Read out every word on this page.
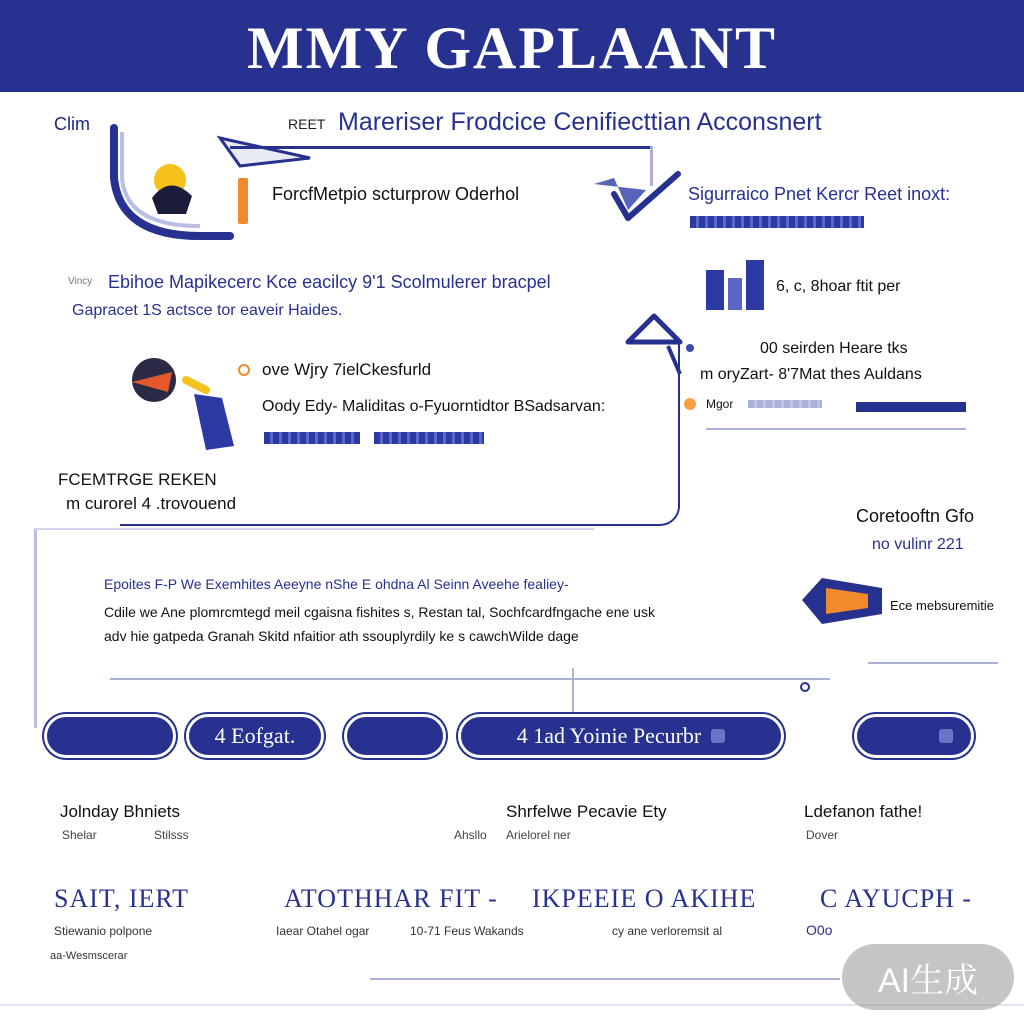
MMY GAPLAANT
Clim	REET Mareriser Frodcice Cenifiecttian Acconsnert
ForcfMetpio scturprow Oderhol	Sigurraico Pnet Kercr Reet inoxt:
Vincy Ebihoe Mapikecerc Kce eacilcy 9'1 Scolmulerer bracpel
Gapracet 1S actsce tor eaveir Haides.
6, c, 8hoar ftit per
00 seirden Heare tks
m oryZart- 8'7Mat thes Auldans
Mgor
ove Wjry 7ielCkesfurld
Oody Edy- Maliditas o-Fyuorntidtor BSadsarvan:
FCEMTRGE REKEN
m curorel 4 .trovouend
Coretooftn Gfo
no vulinr 221
Epoites F-P We Exemhites Aeeyne nShe E ohdna Al Seinn Aveehe fealiey-
Cdile we Ane plomrcmtegd meil cgaisna fishites s, Restan tal, Sochfcardfngache ene usk
adv hie gatpeda Granah Skitd nfaitior ath ssouplyrdily ke s cawchWilde dage
Ece mebsuremitie
4 Eofgat.	4 1ad Yoinie Pecurbr
Jolnday Bhniets
Shelar	Stilsss
Shrfelwe Pecavie Ety
Ahsllo Arielorel ner
Ldefanon fathe!
Dover
SAIT, IERT
Stiewanio polpone
aa-Wesmscerar
ATOTHHAR FIT -
Iaear Otahel ogar
IKPEEIE O AKIHE
10-71 Feus Wakands
C AYUCPH -
cy ane verloremsit al	O0o
AI生成
